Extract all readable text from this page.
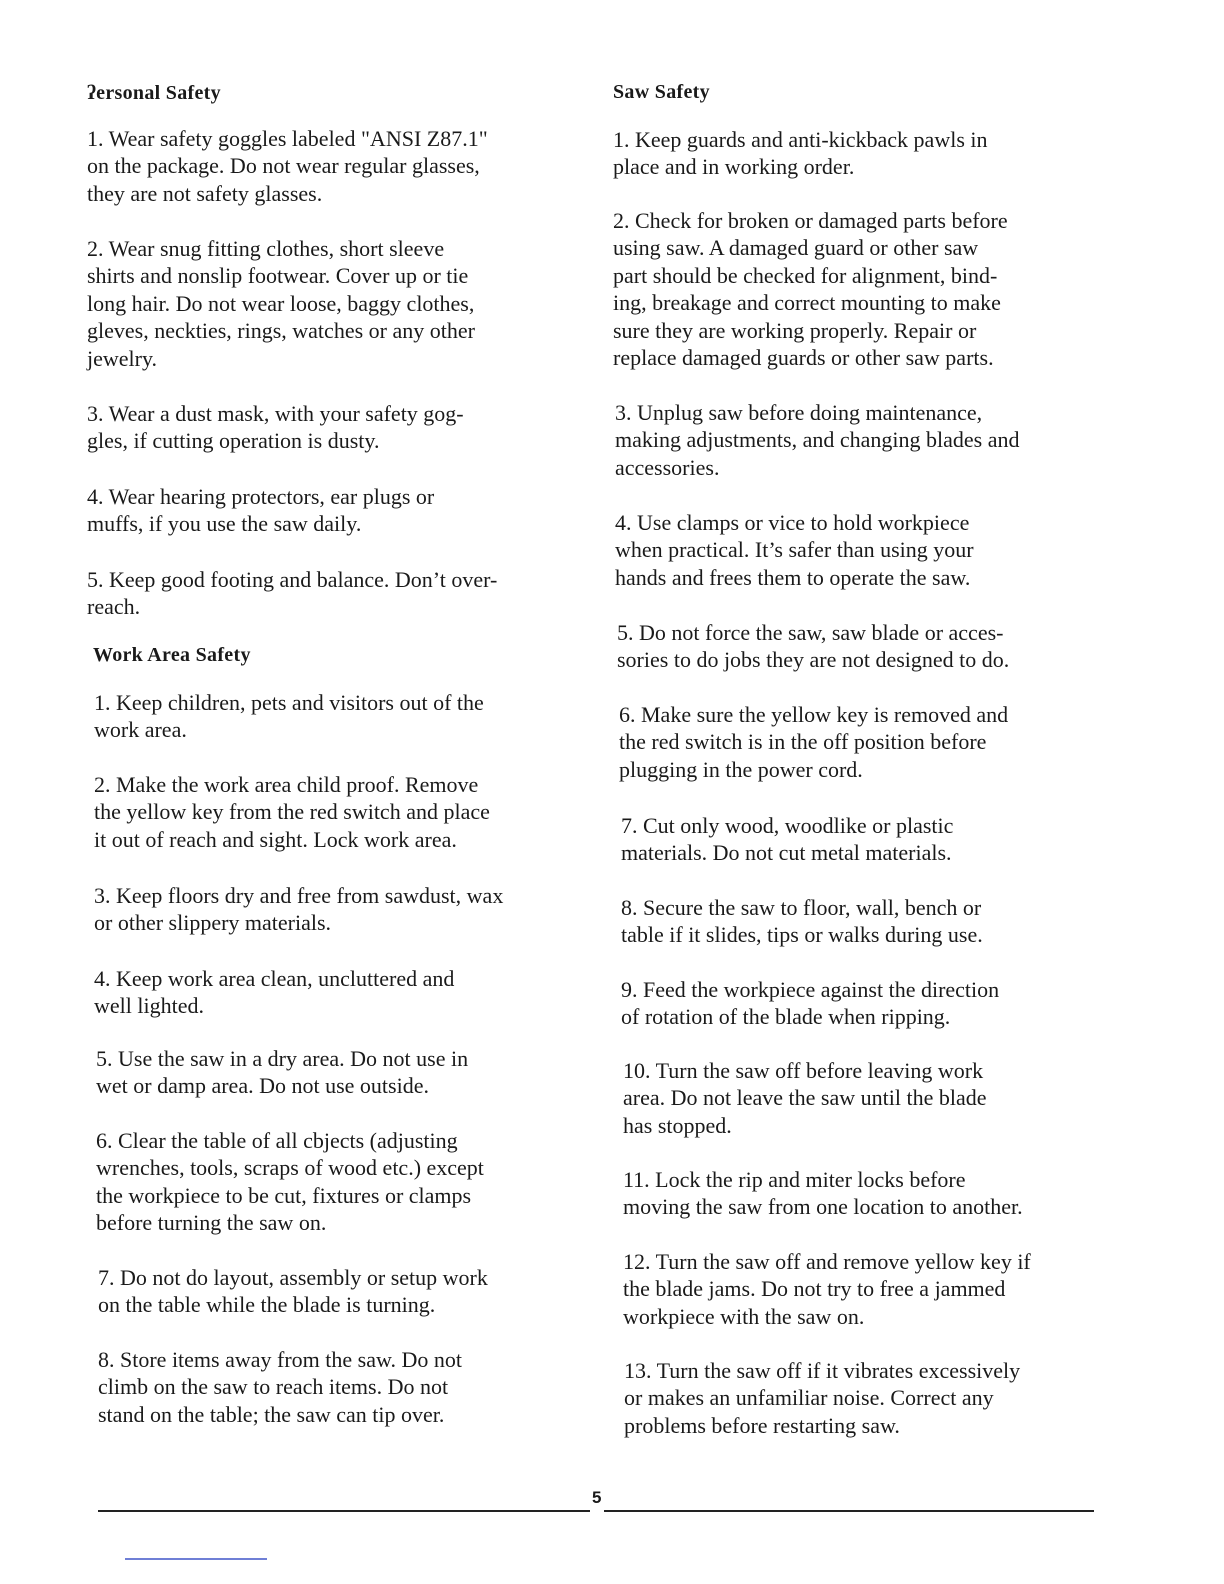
ʔersonal Safety

1. Wear safety goggles labeled "ANSI Z87.1"
on the package. Do not wear regular glasses,
they are not safety glasses.

2. Wear snug fitting clothes, short sleeve
shirts and nonslip footwear. Cover up or tie
long hair. Do not wear loose, baggy clothes,
gleves, neckties, rings, watches or any other
jewelry.

3. Wear a dust mask, with your safety gog-
gles, if cutting operation is dusty.

4. Wear hearing protectors, ear plugs or
muffs, if you use the saw daily.

5. Keep good footing and balance. Don’t over-
reach.

Work Area Safety

1. Keep children, pets and visitors out of the
work area.

2. Make the work area child proof. Remove
the yellow key from the red switch and place
it out of reach and sight. Lock work area.

3. Keep floors dry and free from sawdust, wax
or other slippery materials.

4. Keep work area clean, uncluttered and
well lighted.

5. Use the saw in a dry area. Do not use in
wet or damp area. Do not use outside.

6. Clear the table of all cbjects (adjusting
wrenches, tools, scraps of wood etc.) except
the workpiece to be cut, fixtures or clamps
before turning the saw on.

7. Do not do layout, assembly or setup work
on the table while the blade is turning.

8. Store items away from the saw. Do not
climb on the saw to reach items. Do not
stand on the table; the saw can tip over.

Saw Safety

1. Keep guards and anti-kickback pawls in
place and in working order.

2. Check for broken or damaged parts before
using saw. A damaged guard or other saw
part should be checked for alignment, bind-
ing, breakage and correct mounting to make
sure they are working properly. Repair or
replace damaged guards or other saw parts.

3. Unplug saw before doing maintenance,
making adjustments, and changing blades and
accessories.

4. Use clamps or vice to hold workpiece
when practical. It’s safer than using your
hands and frees them to operate the saw.

5. Do not force the saw, saw blade or acces-
sories to do jobs they are not designed to do.

6. Make sure the yellow key is removed and
the red switch is in the off position before
plugging in the power cord.

7. Cut only wood, woodlike or plastic
materials. Do not cut metal materials.

8. Secure the saw to floor, wall, bench or
table if it slides, tips or walks during use.

9. Feed the workpiece against the direction
of rotation of the blade when ripping.

10. Turn the saw off before leaving work
area. Do not leave the saw until the blade
has stopped.

11. Lock the rip and miter locks before
moving the saw from one location to another.

12. Turn the saw off and remove yellow key if
the blade jams. Do not try to free a jammed
workpiece with the saw on.

13. Turn the saw off if it vibrates excessively
or makes an unfamiliar noise. Correct any
problems before restarting saw.

5
